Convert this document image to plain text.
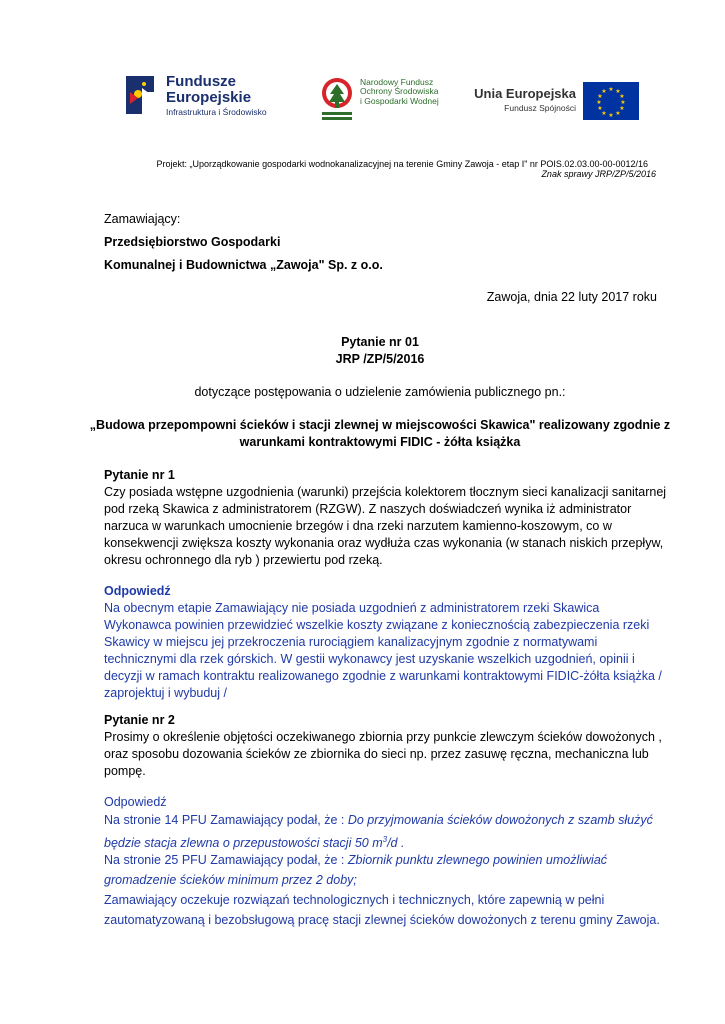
Fundusze
Europejskie
Infrastruktura i Środowisko
Narodowy Fundusz
Ochrony Środowiska
i Gospodarki Wodnej	Unia Europejska
Fundusz Spójności
★ ★
★
★
★
★
★
★
★
★
★
★
Projekt: „Uporządkowanie gospodarki wodnokanalizacyjnej na terenie Gminy Zawoja - etap I" nr POIS.02.03.00-00-0012/16
Znak sprawy JRP/ZP/5/2016
Zamawiający:
Przedsiębiorstwo Gospodarki
Komunalnej i Budownictwa „Zawoja" Sp. z o.o.
Zawoja, dnia 22 luty 2017 roku
Pytanie nr 01
JRP /ZP/5/2016
dotyczące postępowania o udzielenie zamówienia publicznego pn.:
„Budowa przepompowni ścieków i stacji zlewnej w miejscowości Skawica" realizowany zgodnie z
warunkami kontraktowymi FIDIC - żółta książka
Pytanie nr 1
Czy posiada wstępne uzgodnienia (warunki) przejścia kolektorem tłocznym sieci kanalizacji sanitarnej
pod rzeką Skawica z administratorem (RZGW). Z naszych doświadczeń wynika iż administrator
narzuca w warunkach umocnienie brzegów i dna rzeki narzutem kamienno-koszowym, co w
konsekwencji zwiększa koszty wykonania oraz wydłuża czas wykonania (w stanach niskich przepływ,
okresu ochronnego dla ryb ) przewiertu pod rzeką.
Odpowiedź
Na obecnym etapie Zamawiający nie posiada uzgodnień z administratorem rzeki Skawica
Wykonawca powinien przewidzieć wszelkie koszty związane z koniecznością zabezpieczenia rzeki
Skawicy w miejscu jej przekroczenia rurociągiem kanalizacyjnym zgodnie z normatywami
technicznymi dla rzek górskich. W gestii wykonawcy jest uzyskanie wszelkich uzgodnień, opinii i
decyzji w ramach kontraktu realizowanego zgodnie z warunkami kontraktowymi FIDIC-żółta książka /
zaprojektuj i wybuduj /
Pytanie nr 2
Prosimy o określenie objętości oczekiwanego zbiornia przy punkcie zlewczym ścieków dowożonych ,
oraz sposobu dozowania ścieków ze zbiornika do sieci np. przez zasuwę ręczna, mechaniczna lub
pompę.
Odpowiedź
Na stronie 14 PFU Zamawiający podał, że : Do przyjmowania ścieków dowożonych z szamb służyć
będzie stacja zlewna o przepustowości stacji 50 $m^3/d$ .
Na stronie 25 PFU Zamawiający podał, że : Zbiornik punktu zlewnego powinien umożliwiać
gromadzenie ścieków minimum przez 2 doby;
Zamawiający oczekuje rozwiązań technologicznych i technicznych, które zapewnią w pełni
zautomatyzowaną i bezobsługową pracę stacji zlewnej ścieków dowożonych z terenu gminy Zawoja.
